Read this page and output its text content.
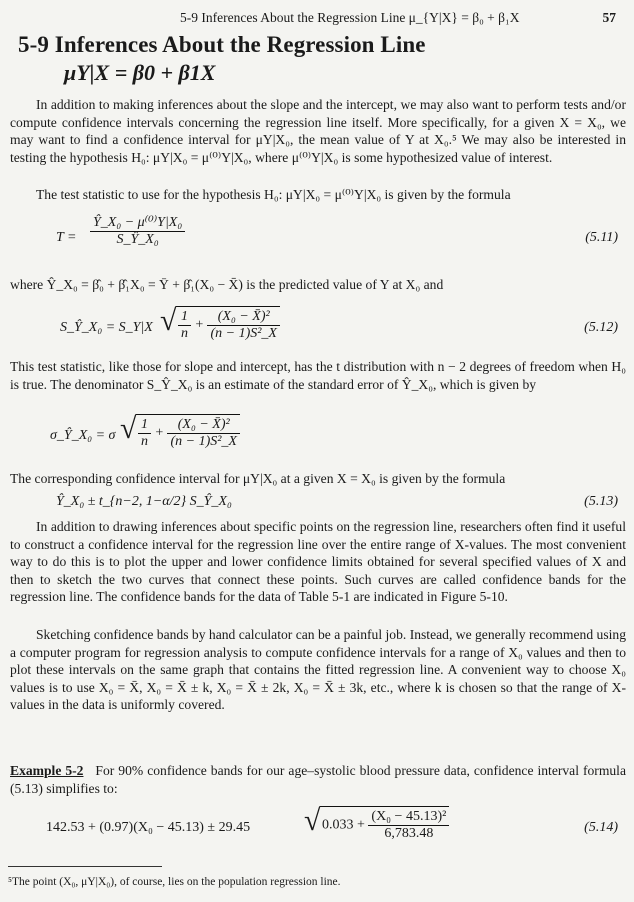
5-9 Inferences About the Regression Line μ_{Y|X} = β₀ + β₁X	57
5-9 Inferences About the Regression Line
μY|X = β0 + β1X
In addition to making inferences about the slope and the intercept, we may also want to perform tests and/or compute confidence intervals concerning the regression line itself. More specifically, for a given X = X₀, we may want to find a confidence interval for μY|X₀, the mean value of Y at X₀.⁵ We may also be interested in testing the hypothesis H₀: μY|X₀ = μ⁽⁰⁾Y|X₀, where μ⁽⁰⁾Y|X₀ is some hypothesized value of interest.
The test statistic to use for the hypothesis H₀: μY|X₀ = μ⁽⁰⁾Y|X₀ is given by the formula
$T = \frac{\text{Ŷ\_X₀ − μ⁽⁰⁾Y|X₀}}{\text{S\_Ŷ\_X₀}}$	(5.11)
where Ŷ_X₀ = β̂₀ + β̂₁X₀ = Ȳ + β̂₁(X₀ − X̄) is the predicted value of Y at X₀ and
S_Ŷ_X₀ = S_Y|X √ $\frac{1}{n} + \frac{\text{(X₀ − X̄)²}}{\text{(n − 1)S²\_X}}$	(5.12)
This test statistic, like those for slope and intercept, has the t distribution with n − 2 degrees of freedom when H₀ is true. The denominator S_Ŷ_X₀ is an estimate of the standard error of Ŷ_X₀, which is given by
σ_Ŷ_X₀ = σ √ $\frac{1}{n} + \frac{\text{(X₀ − X̄)²}}{\text{(n − 1)S²\_X}}$
The corresponding confidence interval for μY|X₀ at a given X = X₀ is given by the formula
Ŷ_X₀ ± t_{n−2, 1−α/2} S_Ŷ_X₀	(5.13)
In addition to drawing inferences about specific points on the regression line, researchers often find it useful to construct a confidence interval for the regression line over the entire range of X-values. The most convenient way to do this is to plot the upper and lower confidence limits obtained for several specified values of X and then to sketch the two curves that connect these points. Such curves are called confidence bands for the regression line. The confidence bands for the data of Table 5-1 are indicated in Figure 5-10.
Sketching confidence bands by hand calculator can be a painful job. Instead, we generally recommend using a computer program for regression analysis to compute confidence intervals for a range of X₀ values and then to plot these intervals on the same graph that contains the fitted regression line. A convenient way to choose X₀ values is to use X₀ = X̄, X₀ = X̄ ± k, X₀ = X̄ ± 2k, X₀ = X̄ ± 3k, etc., where k is chosen so that the range of X-values in the data is uniformly covered.
Example 5-2 For 90% confidence bands for our age–systolic blood pressure data, confidence interval formula (5.13) simplifies to:
142.53 + (0.97)(X₀ − 45.13) ± 29.45 √ $0.033 + \frac{\text{(X₀ − 45.13)²}}{6,783.48}$	(5.14)
⁵The point (X₀, μY|X₀), of course, lies on the population regression line.
